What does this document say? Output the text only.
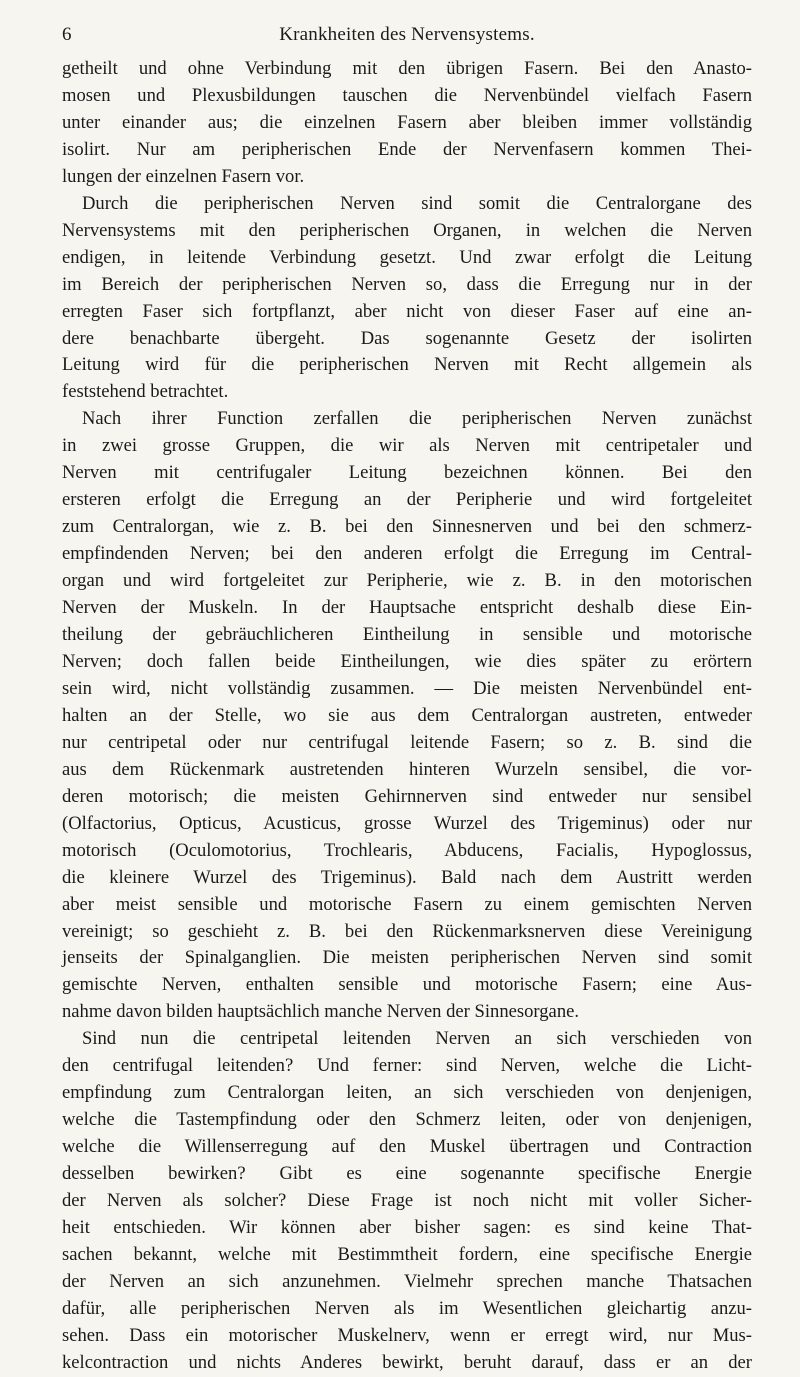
6	Krankheiten des Nervensystems.
getheilt und ohne Verbindung mit den übrigen Fasern. Bei den Anasto-
mosen und Plexusbildungen tauschen die Nervenbündel vielfach Fasern
unter einander aus; die einzelnen Fasern aber bleiben immer vollständig
isolirt. Nur am peripherischen Ende der Nervenfasern kommen Thei-
lungen der einzelnen Fasern vor.
Durch die peripherischen Nerven sind somit die Centralorgane des
Nervensystems mit den peripherischen Organen, in welchen die Nerven
endigen, in leitende Verbindung gesetzt. Und zwar erfolgt die Leitung
im Bereich der peripherischen Nerven so, dass die Erregung nur in der
erregten Faser sich fortpflanzt, aber nicht von dieser Faser auf eine an-
dere benachbarte übergeht. Das sogenannte Gesetz der isolirten
Leitung wird für die peripherischen Nerven mit Recht allgemein als
feststehend betrachtet.
Nach ihrer Function zerfallen die peripherischen Nerven zunächst
in zwei grosse Gruppen, die wir als Nerven mit centripetaler und
Nerven mit centrifugaler Leitung bezeichnen können. Bei den
ersteren erfolgt die Erregung an der Peripherie und wird fortgeleitet
zum Centralorgan, wie z. B. bei den Sinnesnerven und bei den schmerz-
empfindenden Nerven; bei den anderen erfolgt die Erregung im Central-
organ und wird fortgeleitet zur Peripherie, wie z. B. in den motorischen
Nerven der Muskeln. In der Hauptsache entspricht deshalb diese Ein-
theilung der gebräuchlicheren Eintheilung in sensible und motorische
Nerven; doch fallen beide Eintheilungen, wie dies später zu erörtern
sein wird, nicht vollständig zusammen. — Die meisten Nervenbündel ent-
halten an der Stelle, wo sie aus dem Centralorgan austreten, entweder
nur centripetal oder nur centrifugal leitende Fasern; so z. B. sind die
aus dem Rückenmark austretenden hinteren Wurzeln sensibel, die vor-
deren motorisch; die meisten Gehirnnerven sind entweder nur sensibel
(Olfactorius, Opticus, Acusticus, grosse Wurzel des Trigeminus) oder nur
motorisch (Oculomotorius, Trochlearis, Abducens, Facialis, Hypoglossus,
die kleinere Wurzel des Trigeminus). Bald nach dem Austritt werden
aber meist sensible und motorische Fasern zu einem gemischten Nerven
vereinigt; so geschieht z. B. bei den Rückenmarksnerven diese Vereinigung
jenseits der Spinalganglien. Die meisten peripherischen Nerven sind somit
gemischte Nerven, enthalten sensible und motorische Fasern; eine Aus-
nahme davon bilden hauptsächlich manche Nerven der Sinnesorgane.
Sind nun die centripetal leitenden Nerven an sich verschieden von
den centrifugal leitenden? Und ferner: sind Nerven, welche die Licht-
empfindung zum Centralorgan leiten, an sich verschieden von denjenigen,
welche die Tastempfindung oder den Schmerz leiten, oder von denjenigen,
welche die Willenserregung auf den Muskel übertragen und Contraction
desselben bewirken? Gibt es eine sogenannte specifische Energie
der Nerven als solcher? Diese Frage ist noch nicht mit voller Sicher-
heit entschieden. Wir können aber bisher sagen: es sind keine That-
sachen bekannt, welche mit Bestimmtheit fordern, eine specifische Energie
der Nerven an sich anzunehmen. Vielmehr sprechen manche Thatsachen
dafür, alle peripherischen Nerven als im Wesentlichen gleichartig anzu-
sehen. Dass ein motorischer Muskelnerv, wenn er erregt wird, nur Mus-
kelcontraction und nichts Anderes bewirkt, beruht darauf, dass er an der
